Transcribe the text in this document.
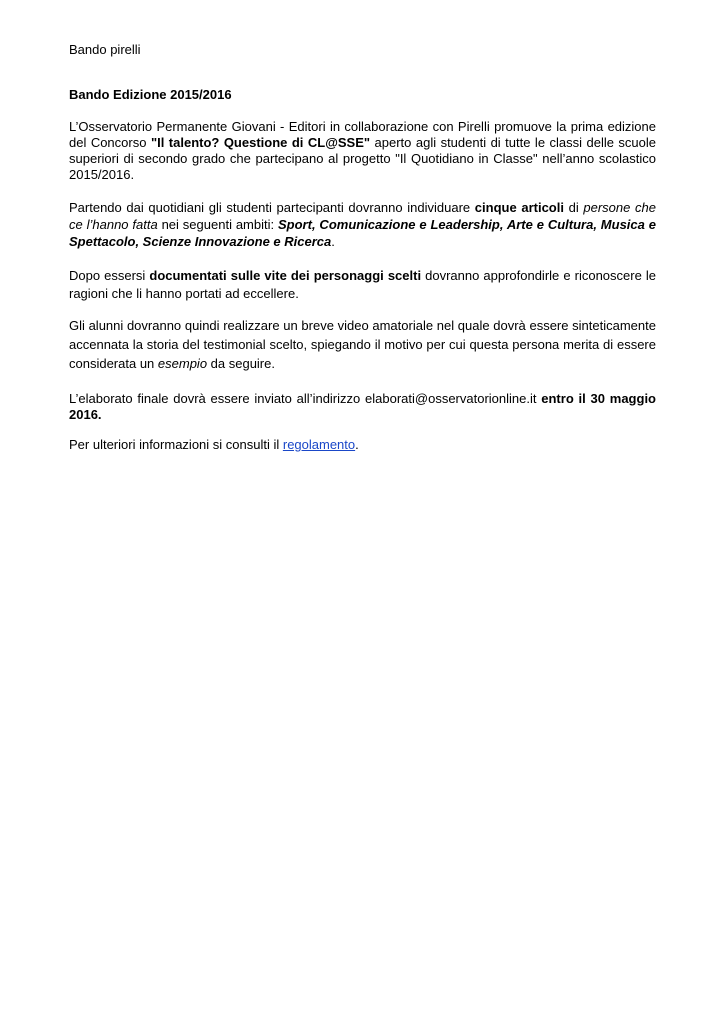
Bando pirelli
Bando Edizione 2015/2016

L’Osservatorio Permanente Giovani - Editori in collaborazione con Pirelli promuove la prima edizione del Concorso "Il talento? Questione di CL@SSE" aperto agli studenti di tutte le classi delle scuole superiori di secondo grado che partecipano al progetto "Il Quotidiano in Classe" nell’anno scolastico 2015/2016.

Partendo dai quotidiani gli studenti partecipanti dovranno individuare cinque articoli di persone che ce l’hanno fatta nei seguenti ambiti: Sport, Comunicazione e Leadership, Arte e Cultura, Musica e Spettacolo, Scienze Innovazione e Ricerca.

Dopo essersi documentati sulle vite dei personaggi scelti dovranno approfondirle e riconoscere le ragioni che li hanno portati ad eccellere.

Gli alunni dovranno quindi realizzare un breve video amatoriale nel quale dovrà essere sinteticamente accennata la storia del testimonial scelto, spiegando il motivo per cui questa persona merita di essere considerata un esempio da seguire.

L’elaborato finale dovrà essere inviato all’indirizzo elaborati@osservatorionline.it entro il 30 maggio 2016.

Per ulteriori informazioni si consulti il regolamento.
